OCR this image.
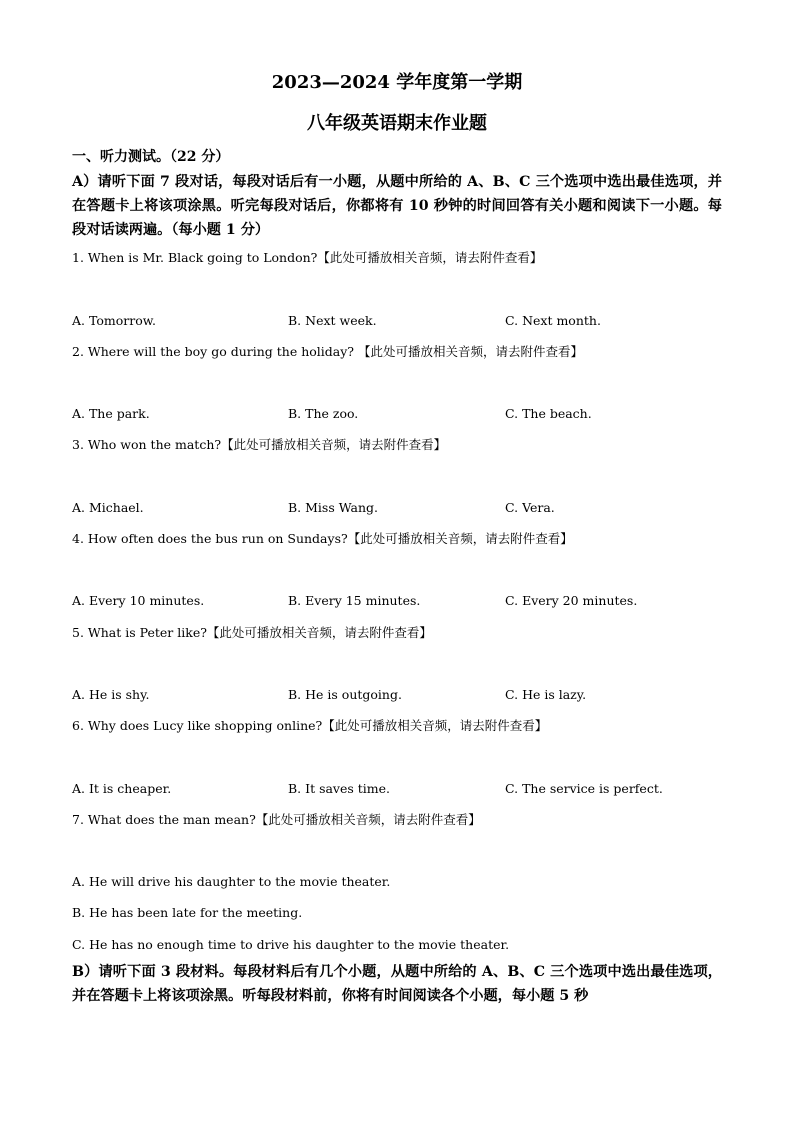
2023—2024 学年度第一学期
八年级英语期末作业题
一、听力测试。（22 分）
A）请听下面 7 段对话，每段对话后有一小题，从题中所给的 A、B、C 三个选项中选出最佳选项，并在答题卡上将该项涂黑。听完每段对话后，你都将有 10 秒钟的时间回答有关小题和阅读下一小题。每段对话读两遍。（每小题 1 分）
1. When is Mr. Black going to London?【此处可播放相关音频，请去附件查看】
A. Tomorrow.	B. Next week.	C. Next month.
2. Where will the boy go during the holiday? 【此处可播放相关音频，请去附件查看】
A. The park.	B. The zoo.	C. The beach.
3. Who won the match?【此处可播放相关音频，请去附件查看】
A. Michael.	B. Miss Wang.	C. Vera.
4. How often does the bus run on Sundays?【此处可播放相关音频，请去附件查看】
A. Every 10 minutes.	B. Every 15 minutes.	C. Every 20 minutes.
5. What is Peter like?【此处可播放相关音频，请去附件查看】
A. He is shy.	B. He is outgoing.	C. He is lazy.
6. Why does Lucy like shopping online?【此处可播放相关音频，请去附件查看】
A. It is cheaper.	B. It saves time.	C. The service is perfect.
7. What does the man mean?【此处可播放相关音频，请去附件查看】
A. He will drive his daughter to the movie theater.
B. He has been late for the meeting.
C. He has no enough time to drive his daughter to the movie theater.
B）请听下面 3 段材料。每段材料后有几个小题，从题中所给的 A、B、C 三个选项中选出最佳选项，并在答题卡上将该项涂黑。听每段材料前，你将有时间阅读各个小题，每小题 5 秒
